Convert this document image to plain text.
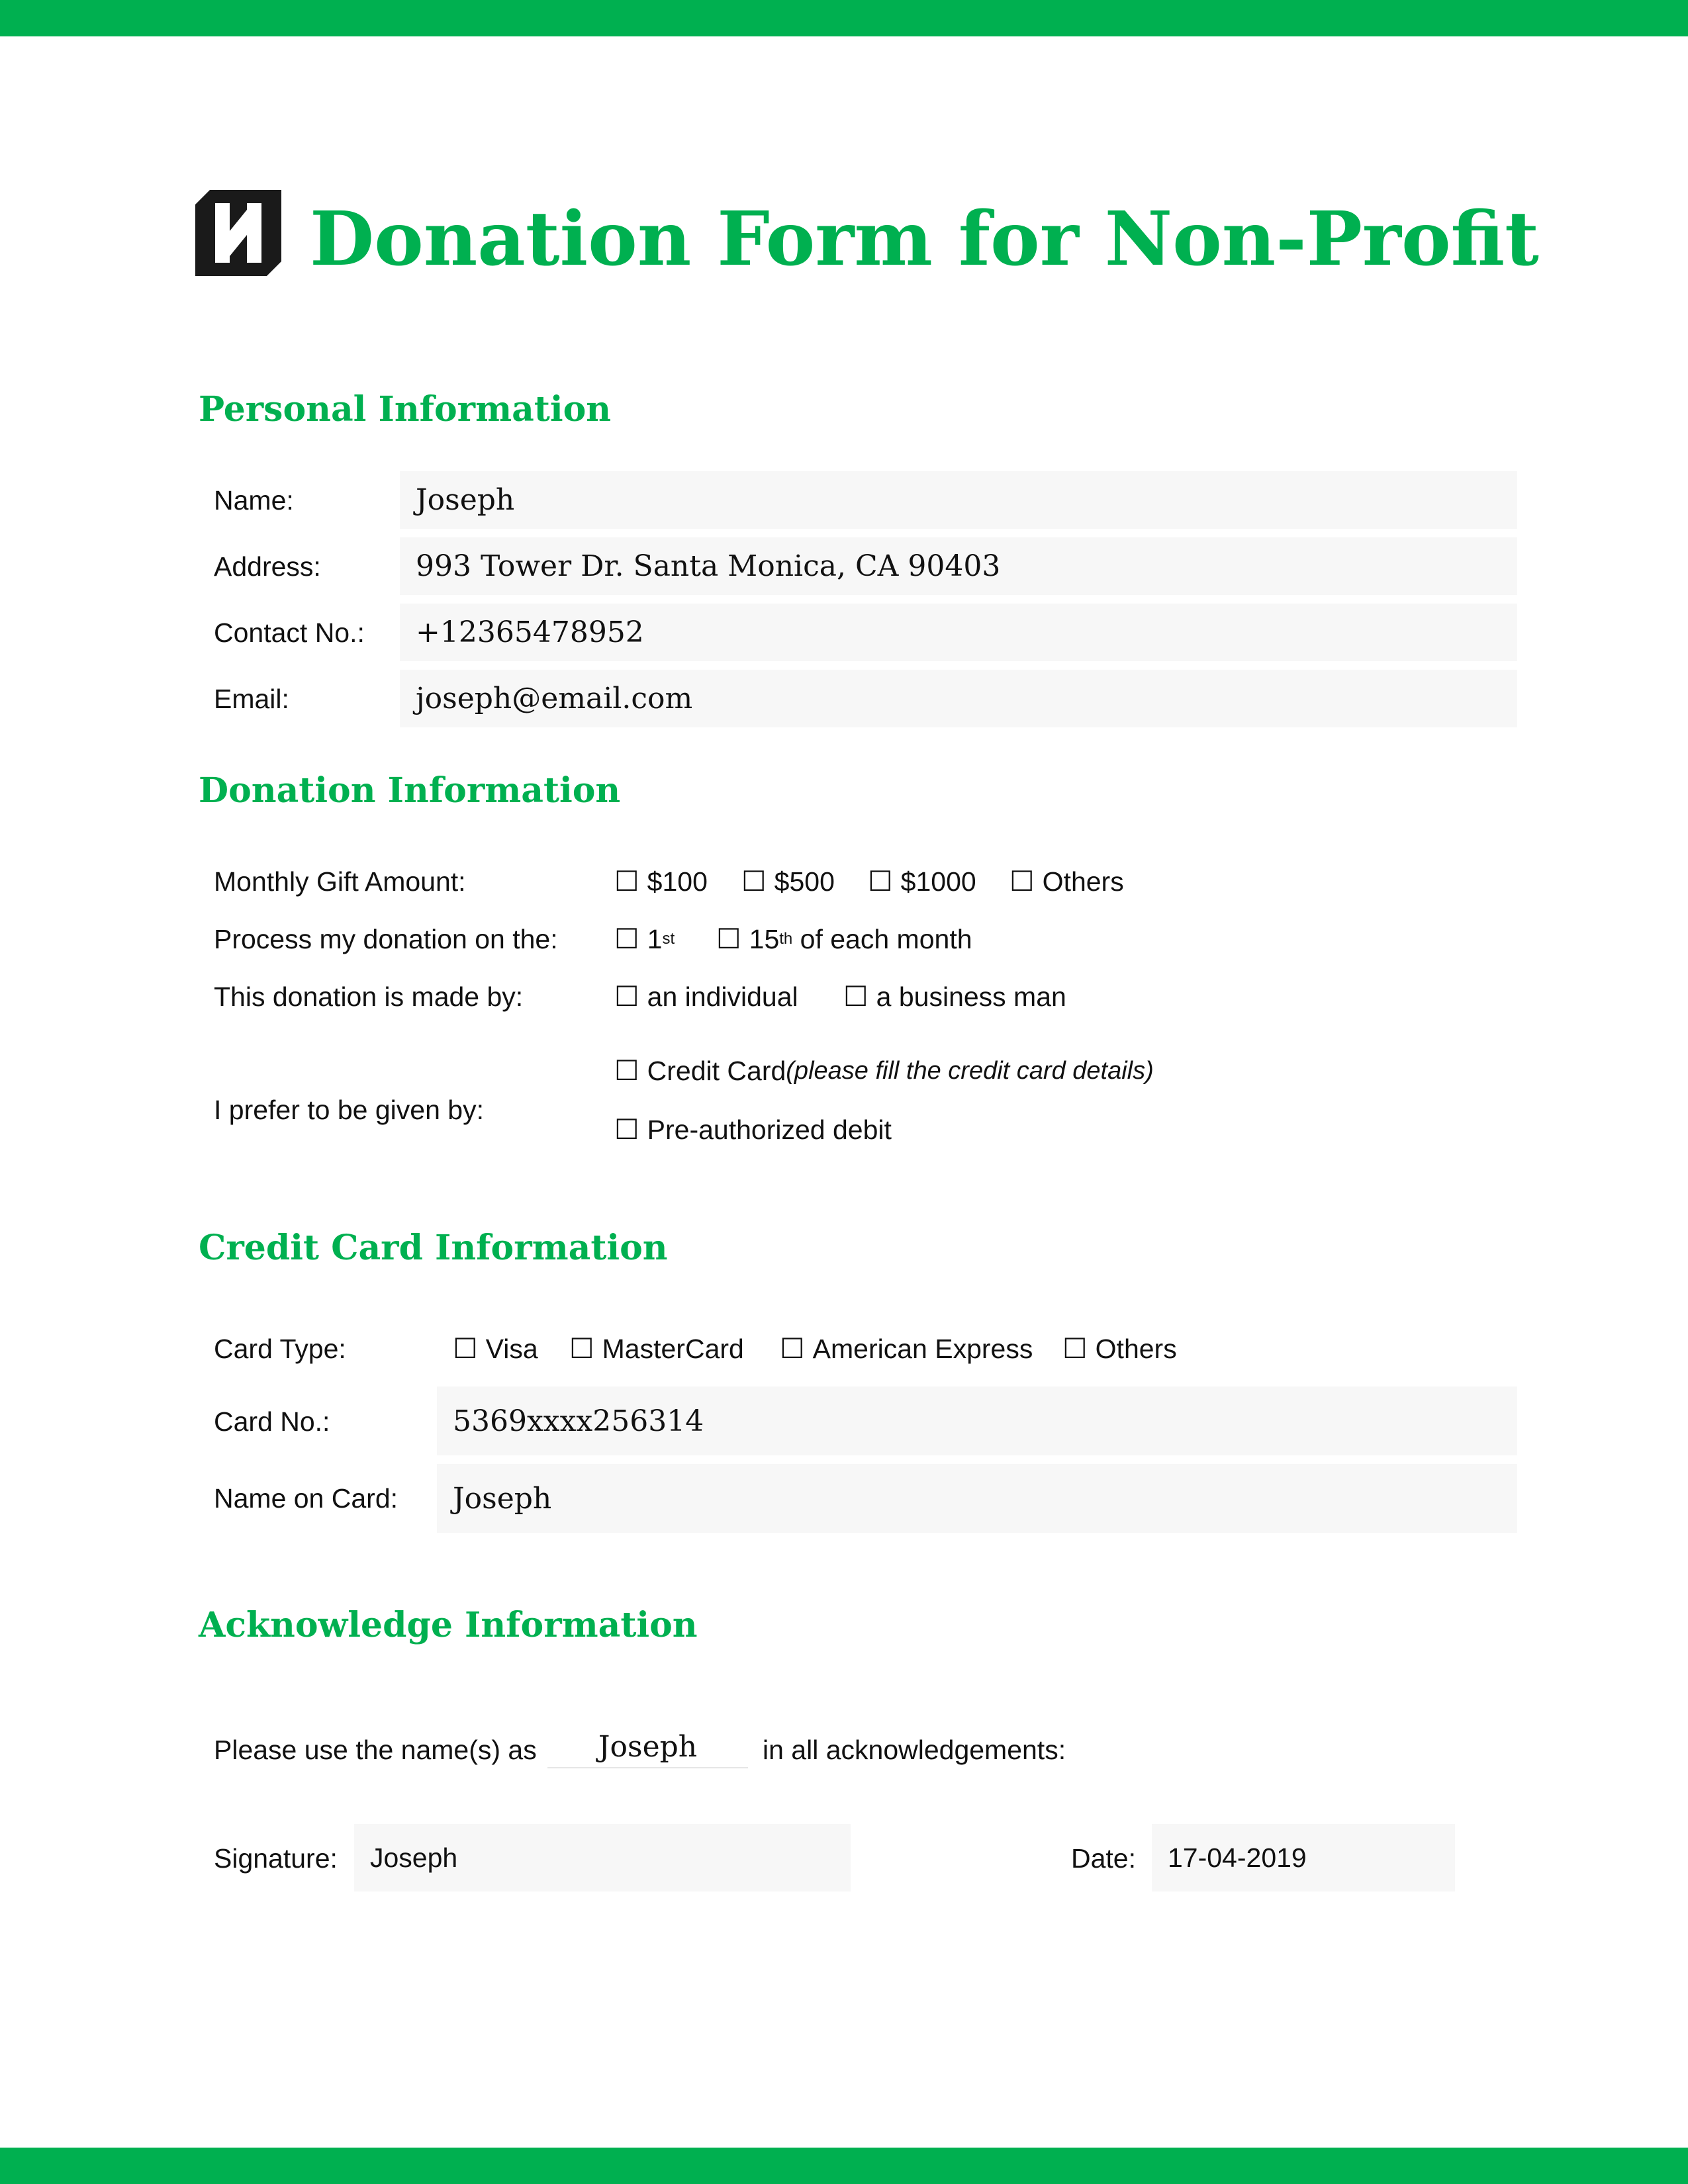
Donation Form for Non-Profit
Personal Information
Name:	Joseph
Address:	993 Tower Dr. Santa Monica, CA 90403
Contact No.:	+12365478952
Email:	joseph@email.com
Donation Information
Monthly Gift Amount:	☐ $100 ☐ $500 ☐ $1000 ☐ Others
Process my donation on the: ☐ 1 st ☐ 15 th of each month
This donation is made by:	☐ an individual ☐ a business man
I prefer to be given by:
☐ Credit Card (please fill the credit card details)
☐ Pre-authorized debit
Credit Card Information
Card Type:	☐ Visa ☐ MasterCard ☐ American Express ☐ Others
Card No.:	5369xxxx256314
Name on Card:	Joseph
Acknowledge Information
Please use the name(s) as	Joseph	in all acknowledgements:
Signature:	Joseph	Date:	17-04-2019
